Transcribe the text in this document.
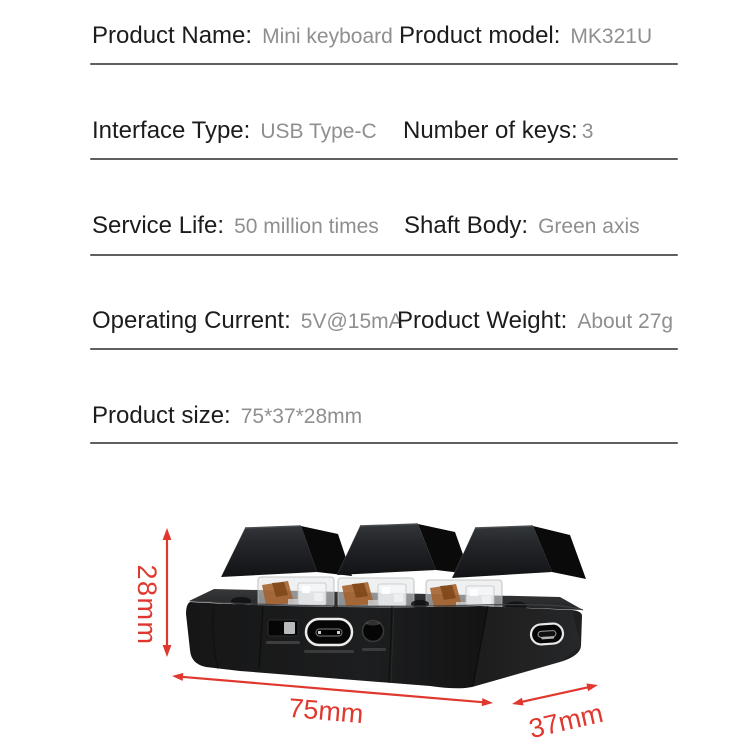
Product Name: Mini keyboard Product model: MK321U
Interface Type: USB Type-C Number of keys: 3
Service Life: 50 million times Shaft Body: Green axis
Operating Current: 5V@15mA
Product Weight: About 27g
Product size: 75*37*28mm
28mm
75mm	37mm
